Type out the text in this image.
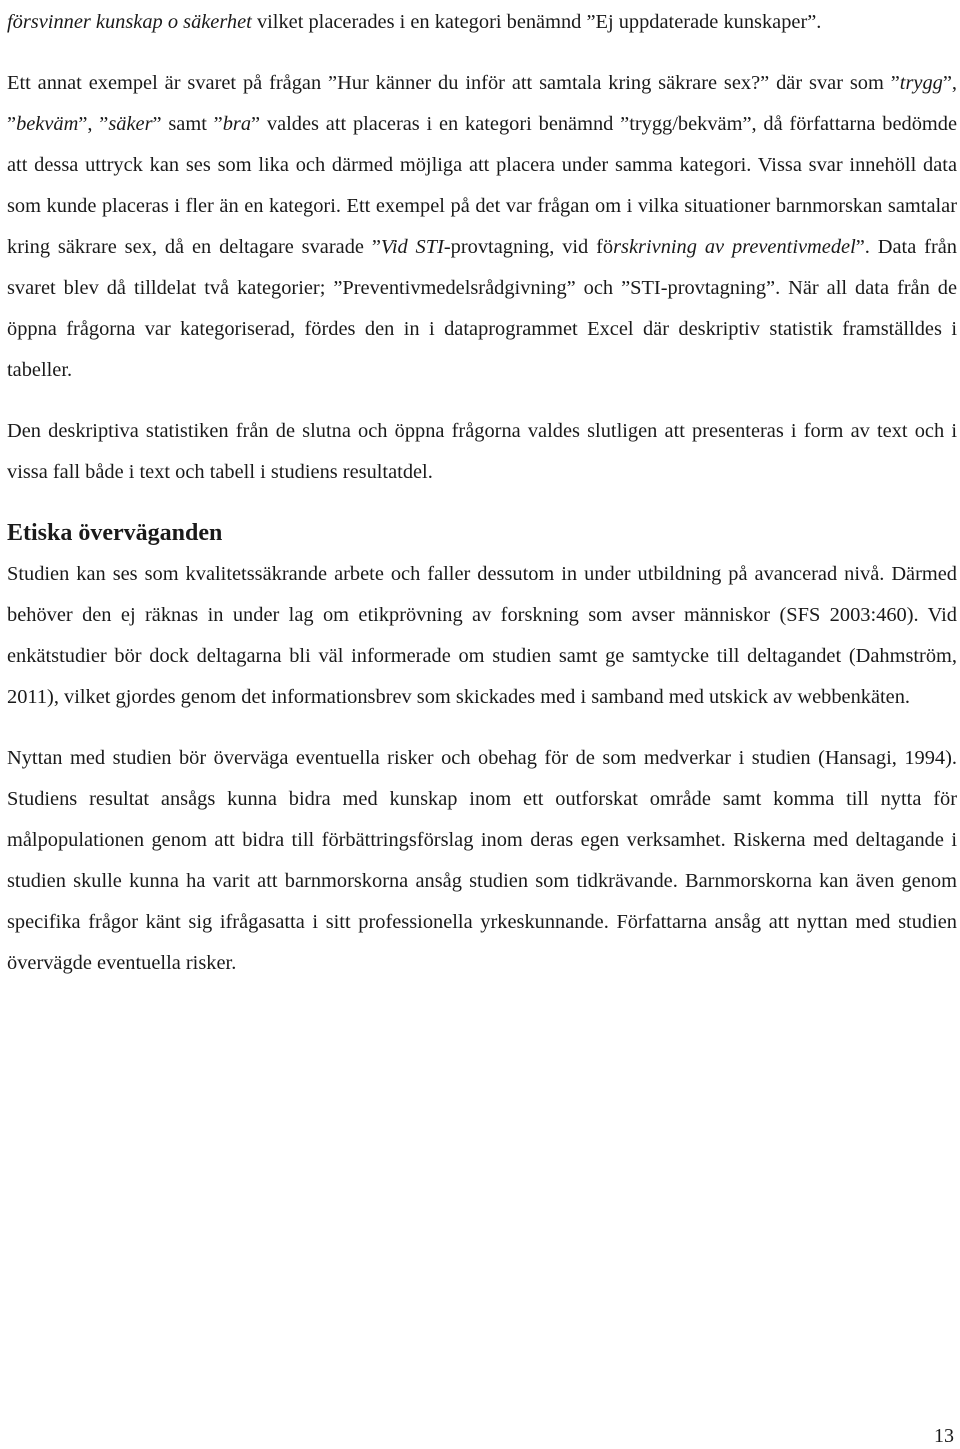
försvinner kunskap o säkerhet vilket placerades i en kategori benämnd ”Ej uppdaterade kunskaper”.

Ett annat exempel är svaret på frågan ”Hur känner du inför att samtala kring säkrare sex?” där svar som ”trygg”, ”bekväm”, ”säker” samt ”bra” valdes att placeras i en kategori benämnd ”trygg/bekväm”, då författarna bedömde att dessa uttryck kan ses som lika och därmed möjliga att placera under samma kategori. Vissa svar innehöll data som kunde placeras i fler än en kategori. Ett exempel på det var frågan om i vilka situationer barnmorskan samtalar kring säkrare sex, då en deltagare svarade ”Vid STI-provtagning, vid förskrivning av preventivmedel”. Data från svaret blev då tilldelat två kategorier; ”Preventivmedelsrådgivning” och ”STI-provtagning”. När all data från de öppna frågorna var kategoriserad, fördes den in i dataprogrammet Excel där deskriptiv statistik framställdes i tabeller.

Den deskriptiva statistiken från de slutna och öppna frågorna valdes slutligen att presenteras i form av text och i vissa fall både i text och tabell i studiens resultatdel.

Etiska överväganden

Studien kan ses som kvalitetssäkrande arbete och faller dessutom in under utbildning på avancerad nivå. Därmed behöver den ej räknas in under lag om etikprövning av forskning som avser människor (SFS 2003:460). Vid enkätstudier bör dock deltagarna bli väl informerade om studien samt ge samtycke till deltagandet (Dahmström, 2011), vilket gjordes genom det informationsbrev som skickades med i samband med utskick av webbenkäten.

Nyttan med studien bör överväga eventuella risker och obehag för de som medverkar i studien (Hansagi, 1994). Studiens resultat ansågs kunna bidra med kunskap inom ett outforskat område samt komma till nytta för målpopulationen genom att bidra till förbättringsförslag inom deras egen verksamhet. Riskerna med deltagande i studien skulle kunna ha varit att barnmorskorna ansåg studien som tidkrävande. Barnmorskorna kan även genom specifika frågor känt sig ifrågasatta i sitt professionella yrkeskunnande. Författarna ansåg att nyttan med studien övervägde eventuella risker.

13
